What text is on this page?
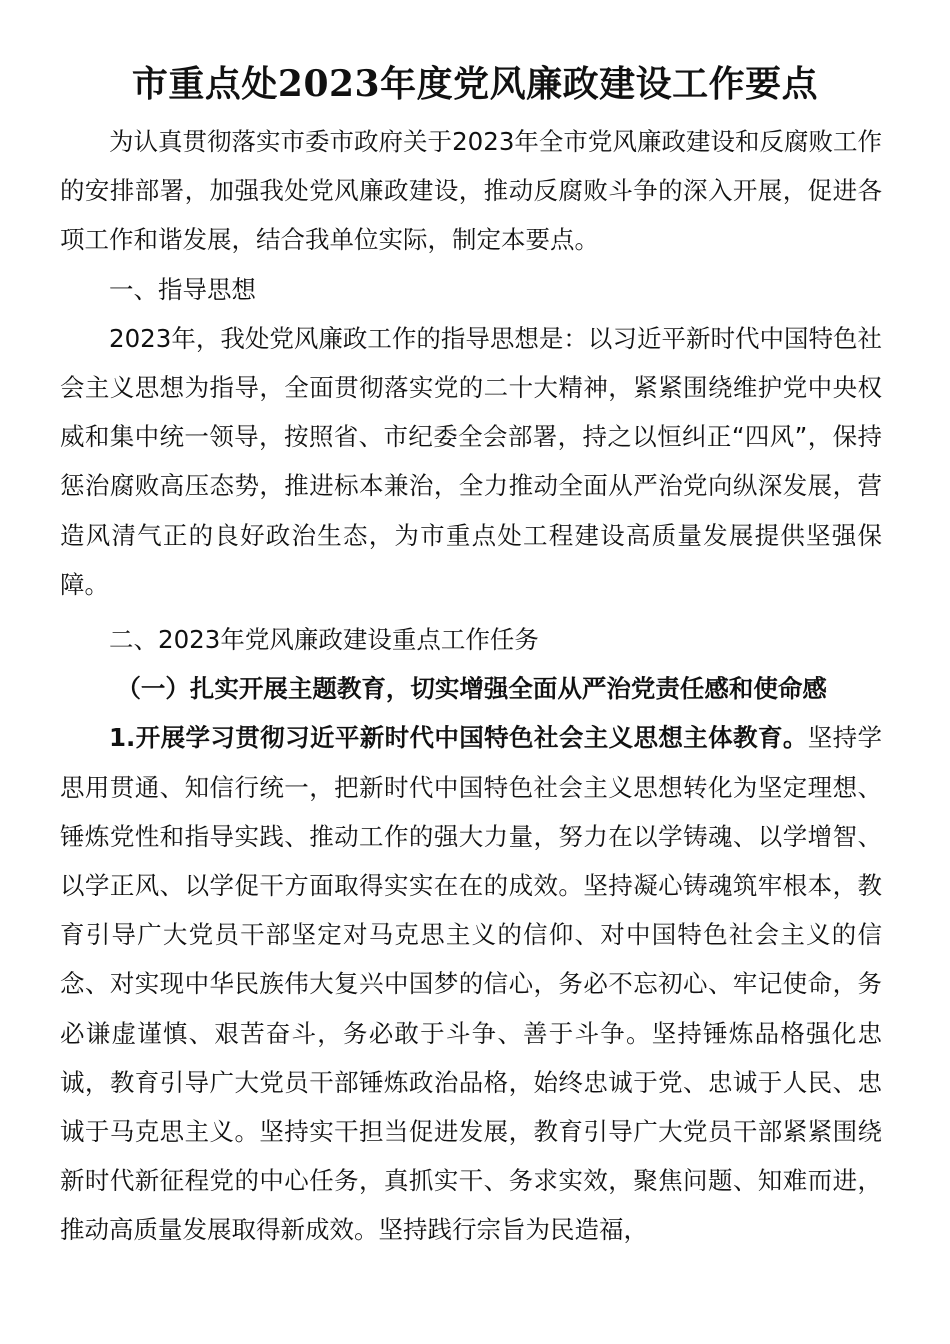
市重点处2023年度党风廉政建设工作要点

为认真贯彻落实市委市政府关于2023年全市党风廉政建设和反腐败工作的安排部署，加强我处党风廉政建设，推动反腐败斗争的深入开展，促进各项工作和谐发展，结合我单位实际，制定本要点。

一、指导思想

2023年，我处党风廉政工作的指导思想是：以习近平新时代中国特色社会主义思想为指导，全面贯彻落实党的二十大精神，紧紧围绕维护党中央权威和集中统一领导，按照省、市纪委全会部署，持之以恒纠正“四风”，保持惩治腐败高压态势，推进标本兼治，全力推动全面从严治党向纵深发展，营造风清气正的良好政治生态，为市重点处工程建设高质量发展提供坚强保障。

二、2023年党风廉政建设重点工作任务

（一）扎实开展主题教育，切实增强全面从严治党责任感和使命感

1.开展学习贯彻习近平新时代中国特色社会主义思想主体教育。坚持学思用贯通、知信行统一，把新时代中国特色社会主义思想转化为坚定理想、锤炼党性和指导实践、推动工作的强大力量，努力在以学铸魂、以学增智、以学正风、以学促干方面取得实实在在的成效。坚持凝心铸魂筑牢根本，教育引导广大党员干部坚定对马克思主义的信仰、对中国特色社会主义的信念、对实现中华民族伟大复兴中国梦的信心，务必不忘初心、牢记使命，务必谦虚谨慎、艰苦奋斗，务必敢于斗争、善于斗争。坚持锤炼品格强化忠诚，教育引导广大党员干部锤炼政治品格，始终忠诚于党、忠诚于人民、忠诚于马克思主义。坚持实干担当促进发展，教育引导广大党员干部紧紧围绕新时代新征程党的中心任务，真抓实干、务求实效，聚焦问题、知难而进，推动高质量发展取得新成效。坚持践行宗旨为民造福，
